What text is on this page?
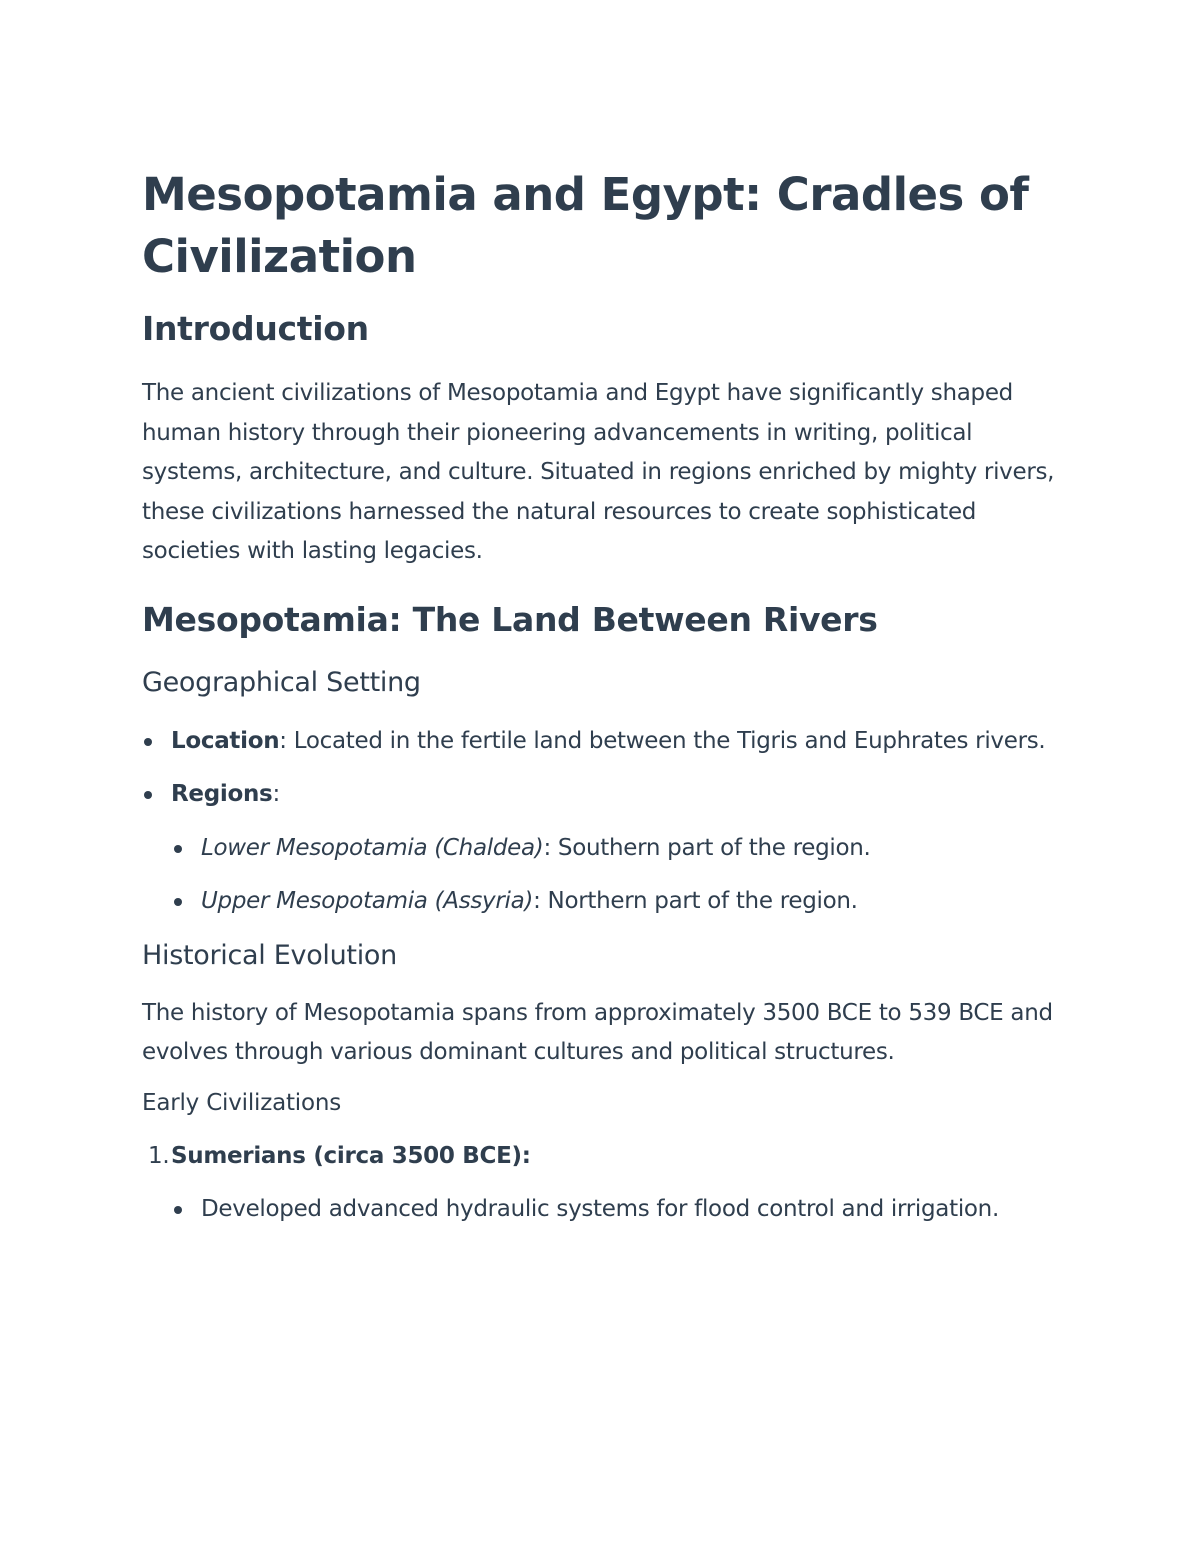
Mesopotamia and Egypt: Cradles of Civilization
Introduction

The ancient civilizations of Mesopotamia and Egypt have significantly shaped human history through their pioneering advancements in writing, political systems, architecture, and culture. Situated in regions enriched by mighty rivers, these civilizations harnessed the natural resources to create sophisticated societies with lasting legacies.

Mesopotamia: The Land Between Rivers
Geographical Setting
Location: Located in the fertile land between the Tigris and Euphrates rivers.
Regions:
Lower Mesopotamia (Chaldea): Southern part of the region.
Upper Mesopotamia (Assyria): Northern part of the region.
Historical Evolution

The history of Mesopotamia spans from approximately 3500 BCE to 539 BCE and evolves through various dominant cultures and political structures.

Early Civilizations
1. Sumerians (circa 3500 BCE):
Developed advanced hydraulic systems for flood control and irrigation.
